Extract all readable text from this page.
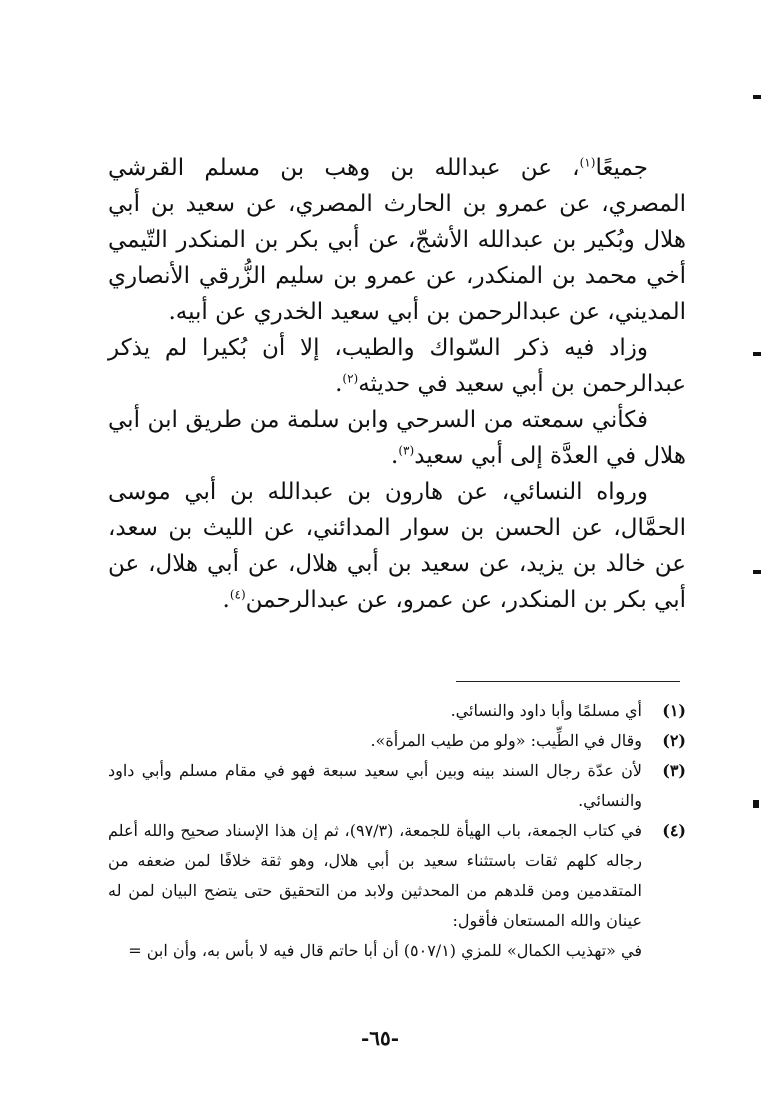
جميعًا$^{(١)}$، عن عبدالله بن وهب بن مسلم القرشي المصري، عن عمرو بن الحارث المصري، عن سعيد بن أبي هلال وبُكير بن عبدالله الأشجّ، عن أبي بكر بن المنكدر التّيمي أخي محمد بن المنكدر، عن عمرو بن سليم الزُّرقي الأنصاري المديني، عن عبدالرحمن بن أبي سعيد الخدري عن أبيه.

وزاد فيه ذكر السّواك والطيب، إلا أن بُكيرا لم يذكر عبدالرحمن بن أبي سعيد في حديثه$^{(٢)}$.

فكأني سمعته من السرحي وابن سلمة من طريق ابن أبي هلال في العدَّة إلى أبي سعيد$^{(٣)}$.

ورواه النسائي، عن هارون بن عبدالله بن أبي موسى الحمَّال، عن الحسن بن سوار المدائني، عن الليث بن سعد، عن خالد بن يزيد، عن سعيد بن أبي هلال، عن أبي هلال، عن أبي بكر بن المنكدر، عن عمرو، عن عبدالرحمن$^{(٤)}$.

(١)
أي مسلمًا وأبا داود والنسائي.
(٢)
وقال في الطِّيب: «ولو من طيب المرأة».
(٣)
لأن عدّة رجال السند بينه وبين أبي سعيد سبعة فهو في مقام مسلم وأبي داود والنسائي.
(٤)
في كتاب الجمعة، باب الهيأة للجمعة، (٩٧/٣)، ثم إن هذا الإسناد صحيح والله أعلم رجاله كلهم ثقات باستثناء سعيد بن أبي هلال، وهو ثقة خلافًا لمن ضعفه من المتقدمين ومن قلدهم من المحدثين ولابد من التحقيق حتى يتضح البيان لمن له عينان والله المستعان فأقول:
في «تهذيب الكمال» للمزي (٥٠٧/١) أن أبا حاتم قال فيه لا بأس به، وأن ابن =
-٦٥-
